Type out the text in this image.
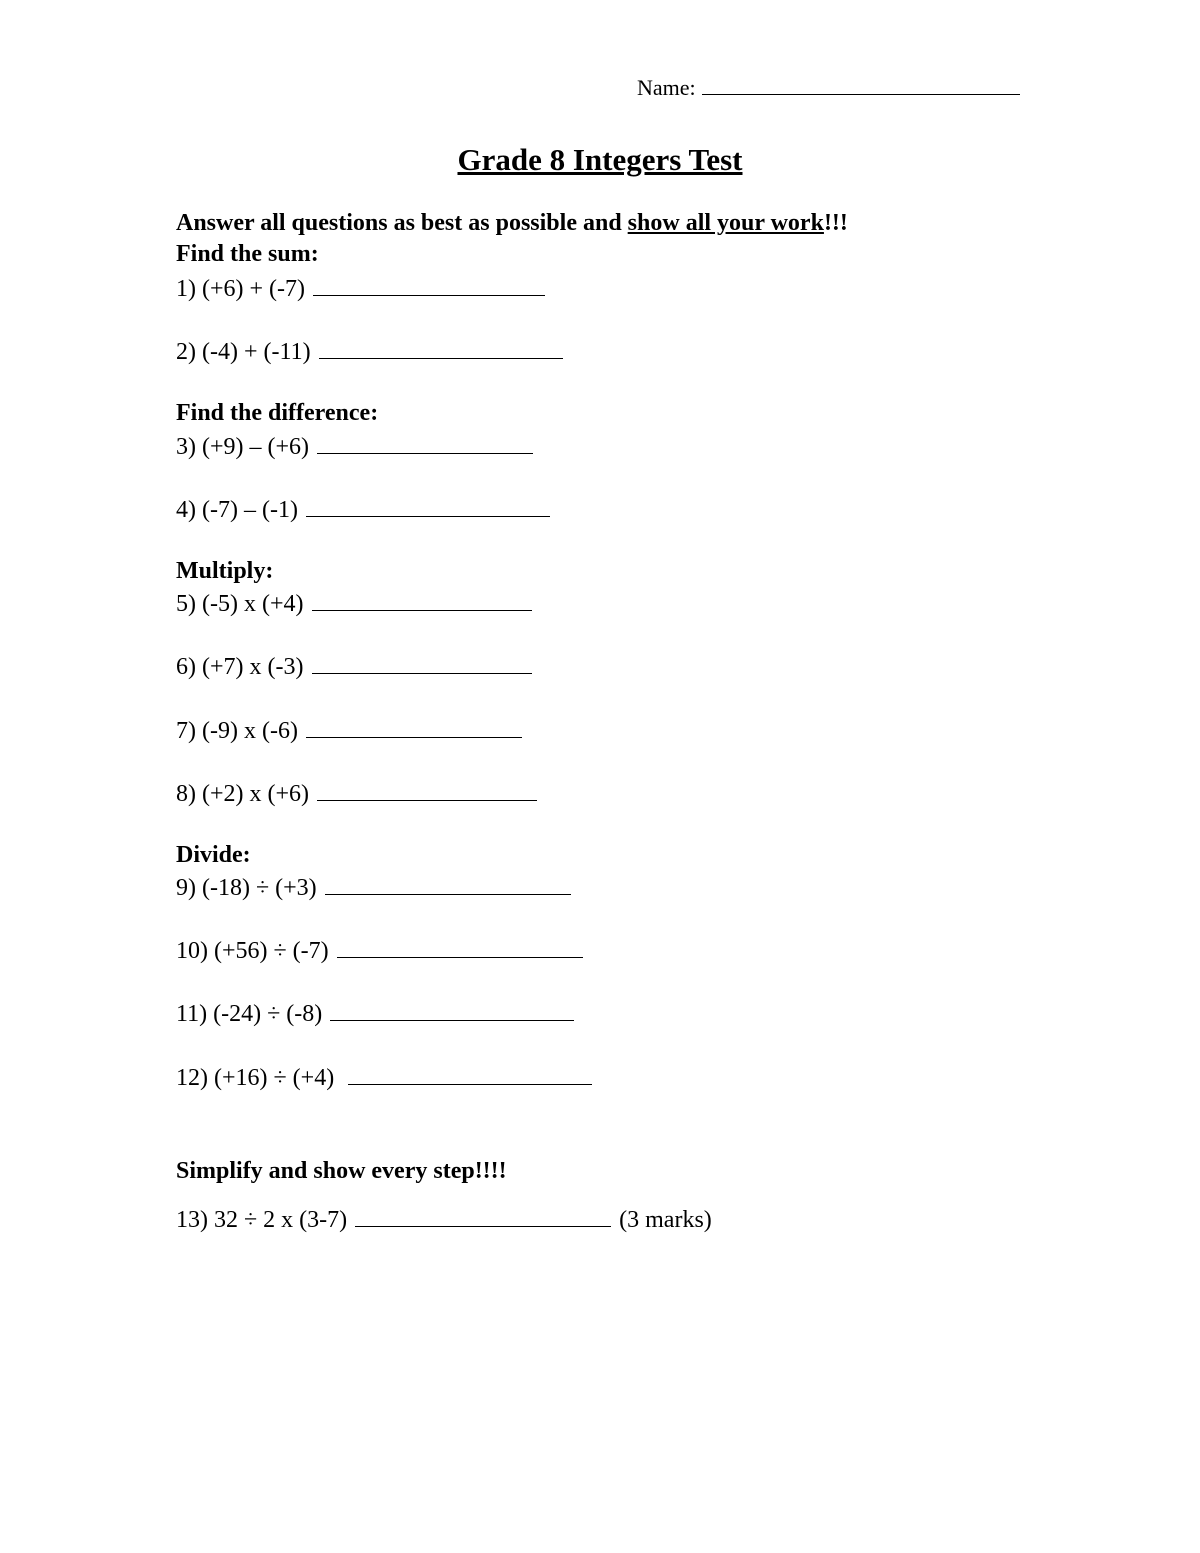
Name:
Grade 8 Integers Test
Answer all questions as best as possible and show all your work!!!
Find the sum:
1) (+6) + (-7)
2) (-4) + (-11)
Find the difference:
3) (+9) – (+6)
4) (-7) – (-1)
Multiply:
5) (-5) x (+4)
6) (+7) x (-3)
7) (-9) x (-6)
8) (+2) x (+6)
Divide:
9) (-18) ÷ (+3)
10) (+56) ÷ (-7)
11) (-24) ÷ (-8)
12) (+16) ÷ (+4)
Simplify and show every step!!!!
13) 32 ÷ 2 x (3-7)	(3 marks)
